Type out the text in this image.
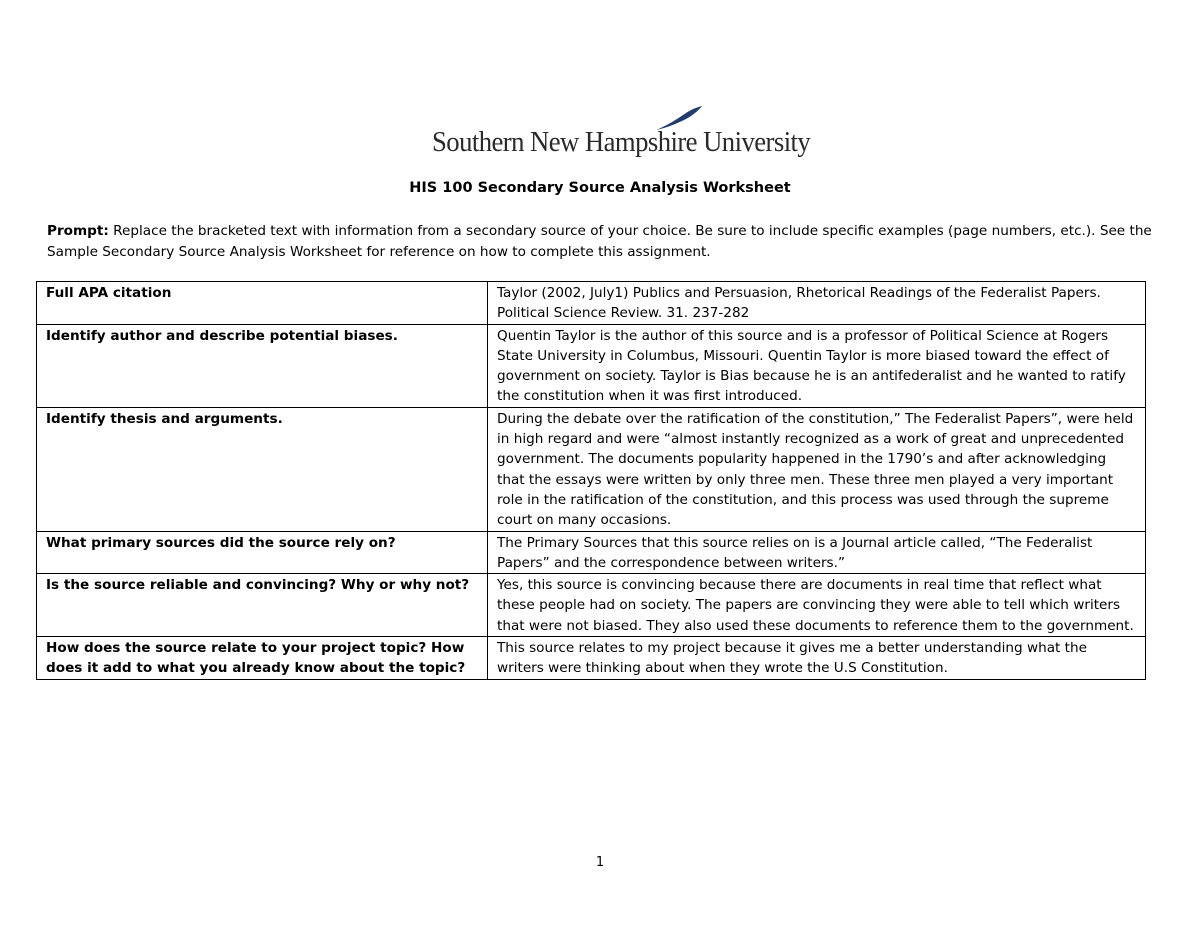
Southern New Hampshire University
HIS 100 Secondary Source Analysis Worksheet
Prompt: Replace the bracketed text with information from a secondary source of your choice. Be sure to include specific examples (page numbers, etc.). See the Sample Secondary Source Analysis Worksheet for reference on how to complete this assignment.
Full APA citation	Taylor (2002, July1) Publics and Persuasion, Rhetorical Readings of the Federalist Papers. Political Science Review. 31. 237-282
Identify author and describe potential biases.	Quentin Taylor is the author of this source and is a professor of Political Science at Rogers State University in Columbus, Missouri. Quentin Taylor is more biased toward the effect of government on society. Taylor is Bias because he is an antifederalist and he wanted to ratify the constitution when it was first introduced.
Identify thesis and arguments.	During the debate over the ratification of the constitution,” The Federalist Papers”, were held in high regard and were “almost instantly recognized as a work of great and unprecedented government. The documents popularity happened in the 1790’s and after acknowledging that the essays were written by only three men. These three men played a very important role in the ratification of the constitution, and this process was used through the supreme court on many occasions.
What primary sources did the source rely on?	The Primary Sources that this source relies on is a Journal article called, “The Federalist Papers” and the correspondence between writers.”
Is the source reliable and convincing? Why or why not?	Yes, this source is convincing because there are documents in real time that reflect what these people had on society. The papers are convincing they were able to tell which writers that were not biased. They also used these documents to reference them to the government.
How does the source relate to your project topic? How does it add to what you already know about the topic?	This source relates to my project because it gives me a better understanding what the writers were thinking about when they wrote the U.S Constitution.
1
